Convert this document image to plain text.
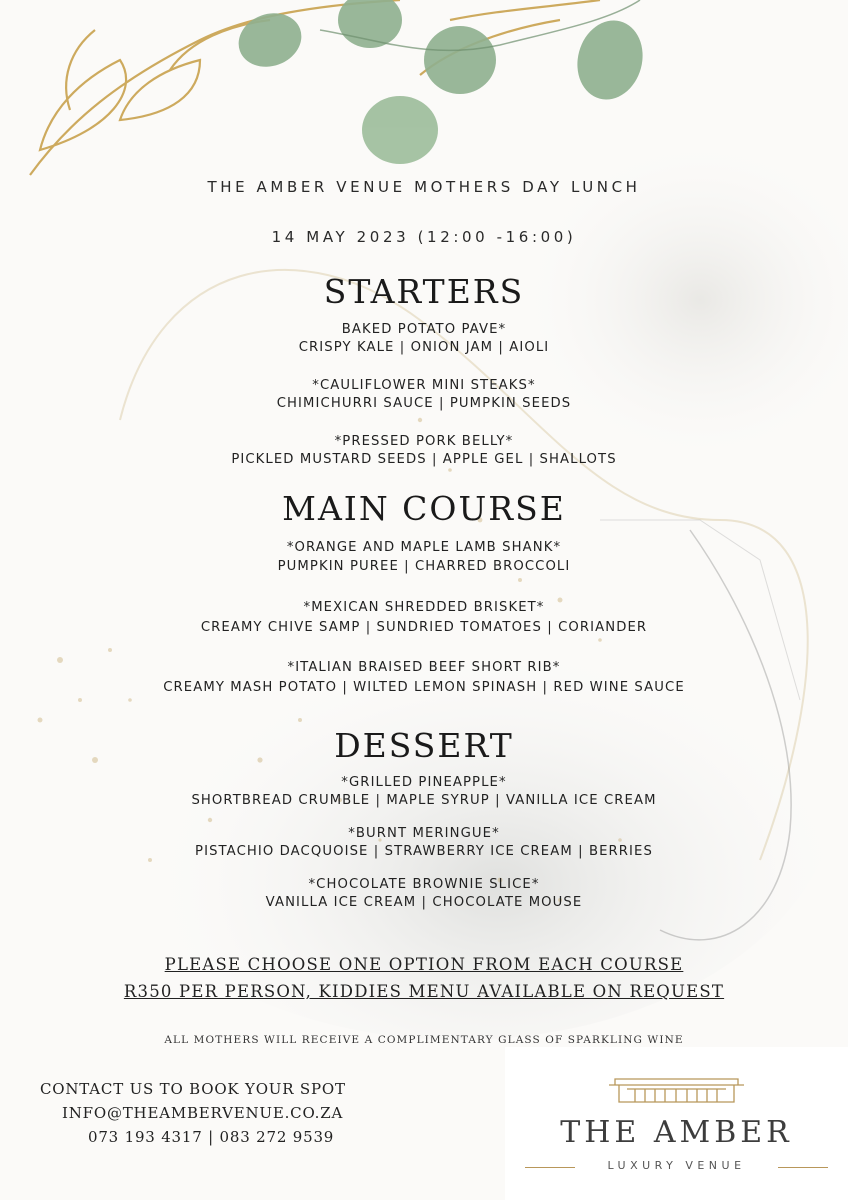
THE AMBER VENUE MOTHERS DAY LUNCH
14 MAY 2023 (12:00 -16:00)
STARTERS
BAKED POTATO PAVE*
CRISPY KALE | ONION JAM | AIOLI
*CAULIFLOWER MINI STEAKS*
CHIMICHURRI SAUCE | PUMPKIN SEEDS
*PRESSED PORK BELLY*
PICKLED MUSTARD SEEDS | APPLE GEL | SHALLOTS
MAIN COURSE
*ORANGE AND MAPLE LAMB SHANK*
PUMPKIN PUREE | CHARRED BROCCOLI
*MEXICAN SHREDDED BRISKET*
CREAMY CHIVE SAMP | SUNDRIED TOMATOES | CORIANDER
*ITALIAN BRAISED BEEF SHORT RIB*
CREAMY MASH POTATO | WILTED LEMON SPINASH | RED WINE SAUCE
DESSERT
*GRILLED PINEAPPLE*
SHORTBREAD CRUMBLE | MAPLE SYRUP | VANILLA ICE CREAM
*BURNT MERINGUE*
PISTACHIO DACQUOISE | STRAWBERRY ICE CREAM | BERRIES
*CHOCOLATE BROWNIE SLICE*
VANILLA ICE CREAM | CHOCOLATE MOUSE
PLEASE CHOOSE ONE OPTION FROM EACH COURSE
R350 PER PERSON, KIDDIES MENU AVAILABLE ON REQUEST
ALL MOTHERS WILL RECEIVE A COMPLIMENTARY GLASS OF SPARKLING WINE
CONTACT US TO BOOK YOUR SPOT
INFO@THEAMBERVENUE.CO.ZA
073 193 4317 | 083 272 9539	THE AMBER
LUXURY VENUE
